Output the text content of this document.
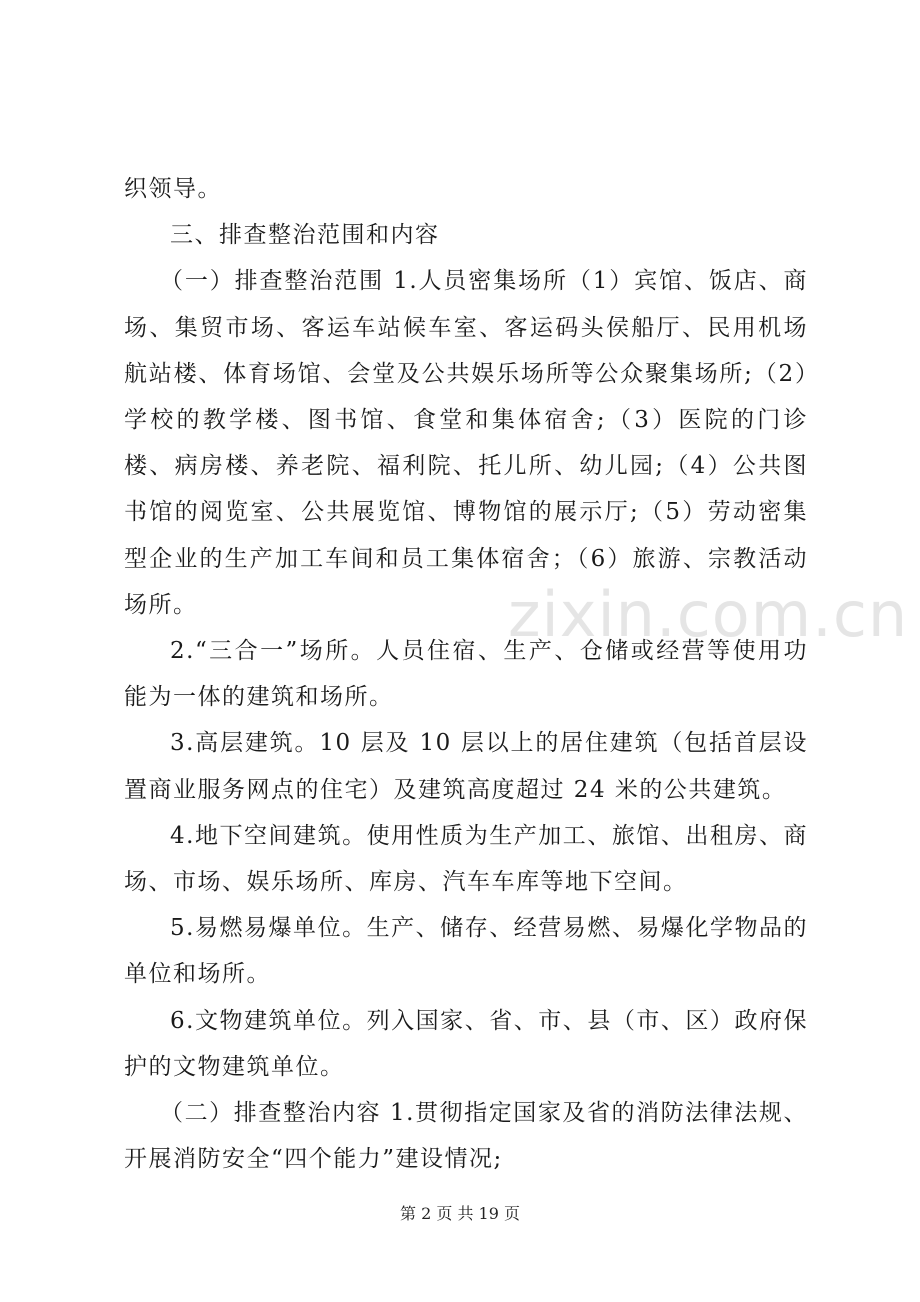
织领导。

三、排查整治范围和内容

（一）排查整治范围 1.人员密集场所（1）宾馆、饭店、商场、集贸市场、客运车站候车室、客运码头侯船厅、民用机场航站楼、体育场馆、会堂及公共娱乐场所等公众聚集场所;（2）学校的教学楼、图书馆、食堂和集体宿舍;（3）医院的门诊楼、病房楼、养老院、福利院、托儿所、幼儿园;（4）公共图书馆的阅览室、公共展览馆、博物馆的展示厅;（5）劳动密集型企业的生产加工车间和员工集体宿舍；（6）旅游、宗教活动场所。

2.“三合一”场所。人员住宿、生产、仓储或经营等使用功能为一体的建筑和场所。

3.高层建筑。10 层及 10 层以上的居住建筑（包括首层设置商业服务网点的住宅）及建筑高度超过 24 米的公共建筑。

4.地下空间建筑。使用性质为生产加工、旅馆、出租房、商场、市场、娱乐场所、库房、汽车车库等地下空间。

5.易燃易爆单位。生产、储存、经营易燃、易爆化学物品的单位和场所。

6.文物建筑单位。列入国家、省、市、县（市、区）政府保护的文物建筑单位。

（二）排查整治内容 1.贯彻指定国家及省的消防法律法规、开展消防安全“四个能力”建设情况;

zixin.com.cn
第 2 页 共 19 页
